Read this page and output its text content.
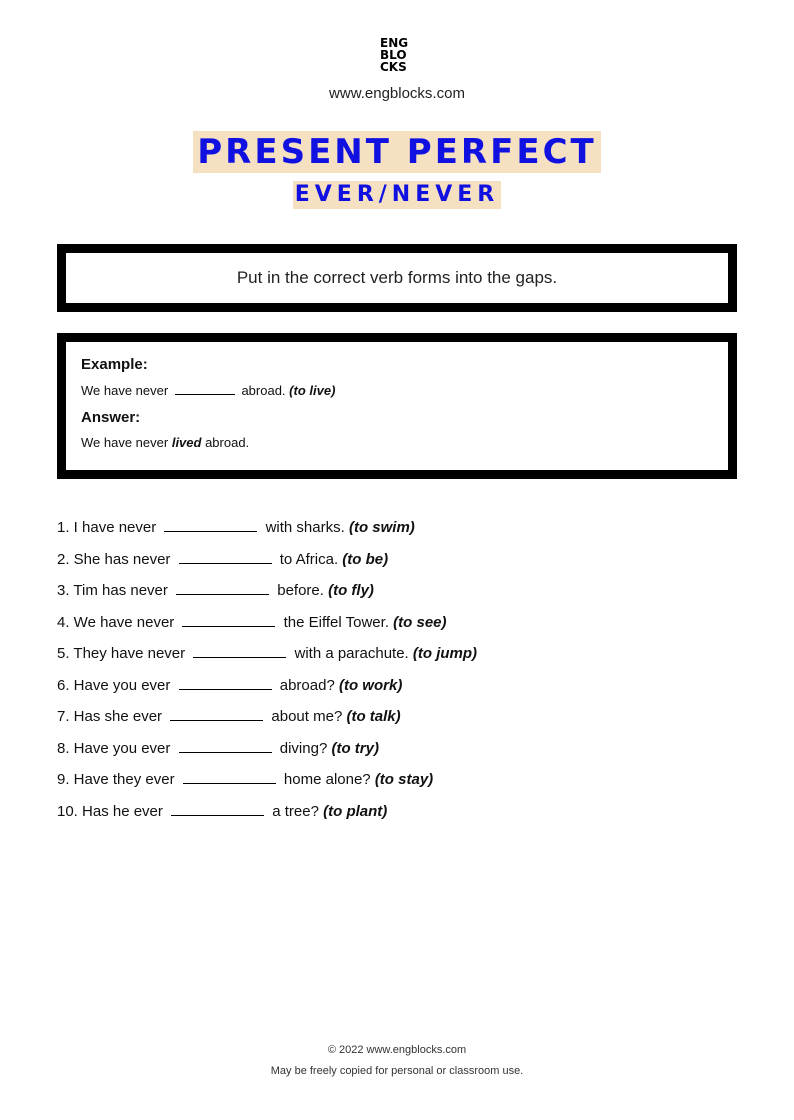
ENG
BLO
CKS
www.engblocks.com
PRESENT PERFECT
EVER/NEVER
Put in the correct verb forms into the gaps.

Example:

We have never	abroad. (to live)

Answer:

We have never lived abroad.

1. I have never	with sharks. (to swim)
2. She has never	to Africa. (to be)
3. Tim has never	before. (to fly)
4. We have never	the Eiffel Tower. (to see)
5. They have never	with a parachute. (to jump)
6. Have you ever	abroad? (to work)
7. Has she ever	about me? (to talk)
8. Have you ever	diving? (to try)
9. Have they ever	home alone? (to stay)
10. Has he ever	a tree? (to plant)
© 2022 www.engblocks.com
May be freely copied for personal or classroom use.
